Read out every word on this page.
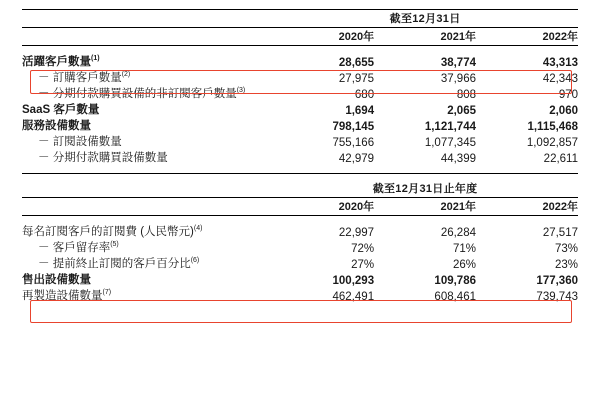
	截至12月31日		

	2020年	2021年	2022年

活躍客戶數量$^{(1)}$	28,655	38,774	43,313
－ 訂購客戶數量$^{(2)}$	27,975	37,966	42,343
－ 分期付款購買設備的非訂閱客戶數量$^{(3)}$	680	808	970
SaaS 客戶數量	1,694	2,065	2,060
服務設備數量	798,145	1,121,744	1,115,468
－ 訂閱設備數量	755,166	1,077,345	1,092,857
－ 分期付款購買設備數量	42,979	44,399	22,611

	截至12月31日止年度		

	2020年	2021年	2022年

每名訂閱客戶的訂閱費 (人民幣元)$^{(4)}$	22,997	26,284	27,517
－ 客戶留存率$^{(5)}$	72%	71%	73%
－ 提前終止訂閱的客戶百分比$^{(6)}$	27%	26%	23%
售出設備數量	100,293	109,786	177,360
再製造設備數量$^{(7)}$	462,491	608,461	739,743
